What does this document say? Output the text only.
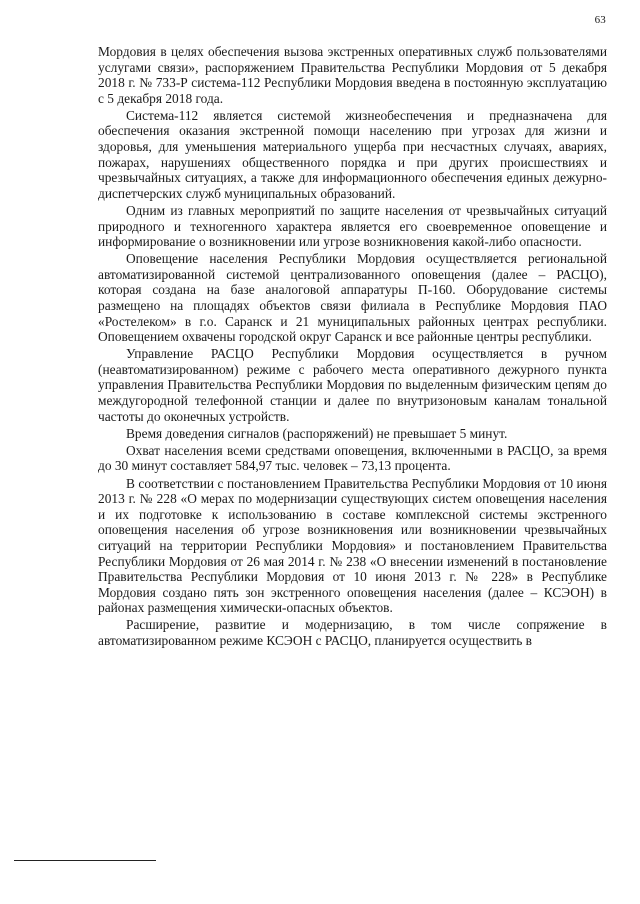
63

Мордовия в целях обеспечения вызова экстренных оперативных служб пользователями услугами связи», распоряжением Правительства Республики Мордовия от 5 декабря 2018 г. № 733-Р система-112 Республики Мордовия введена в постоянную эксплуатацию с 5 декабря 2018 года.

Система-112 является системой жизнеобеспечения и предназначена для обеспечения оказания экстренной помощи населению при угрозах для жизни и здоровья, для уменьшения материального ущерба при несчастных случаях, авариях, пожарах, нарушениях общественного порядка и при других происшествиях и чрезвычайных ситуациях, а также для информационного обеспечения единых дежурно-диспетчерских служб муниципальных образований.

Одним из главных мероприятий по защите населения от чрезвычайных ситуаций природного и техногенного характера является его своевременное оповещение и информирование о возникновении или угрозе возникновения какой-либо опасности.

Оповещение населения Республики Мордовия осуществляется региональной автоматизированной системой централизованного оповещения (далее – РАСЦО), которая создана на базе аналоговой аппаратуры П-160. Оборудование системы размещено на площадях объектов связи филиала в Республике Мордовия ПАО «Ростелеком» в г.о. Саранск и 21 муниципальных районных центрах республики. Оповещением охвачены городской округ Саранск и все районные центры республики.

Управление РАСЦО Республики Мордовия осуществляется в ручном (неавтоматизированном) режиме с рабочего места оперативного дежурного пункта управления Правительства Республики Мордовия по выделенным физическим цепям до междугородной телефонной станции и далее по внутризоновым каналам тональной частоты до оконечных устройств.

Время доведения сигналов (распоряжений) не превышает 5 минут.

Охват населения всеми средствами оповещения, включенными в РАСЦО, за время до 30 минут составляет 584,97 тыс. человек – 73,13 процента.

В соответствии с постановлением Правительства Республики Мордовия от 10 июня 2013 г. № 228 «О мерах по модернизации существующих систем оповещения населения и их подготовке к использованию в составе комплексной системы экстренного оповещения населения об угрозе возникновения или возникновении чрезвычайных ситуаций на территории Республики Мордовия» и постановлением Правительства Республики Мордовия от 26 мая 2014 г. № 238 «О внесении изменений в постановление Правительства Республики Мордовия от 10 июня 2013 г. № 228» в Республике Мордовия создано пять зон экстренного оповещения населения (далее – КСЭОН) в районах размещения химически-опасных объектов.

Расширение, развитие и модернизацию, в том числе сопряжение в автоматизированном режиме КСЭОН с РАСЦО, планируется осуществить в
